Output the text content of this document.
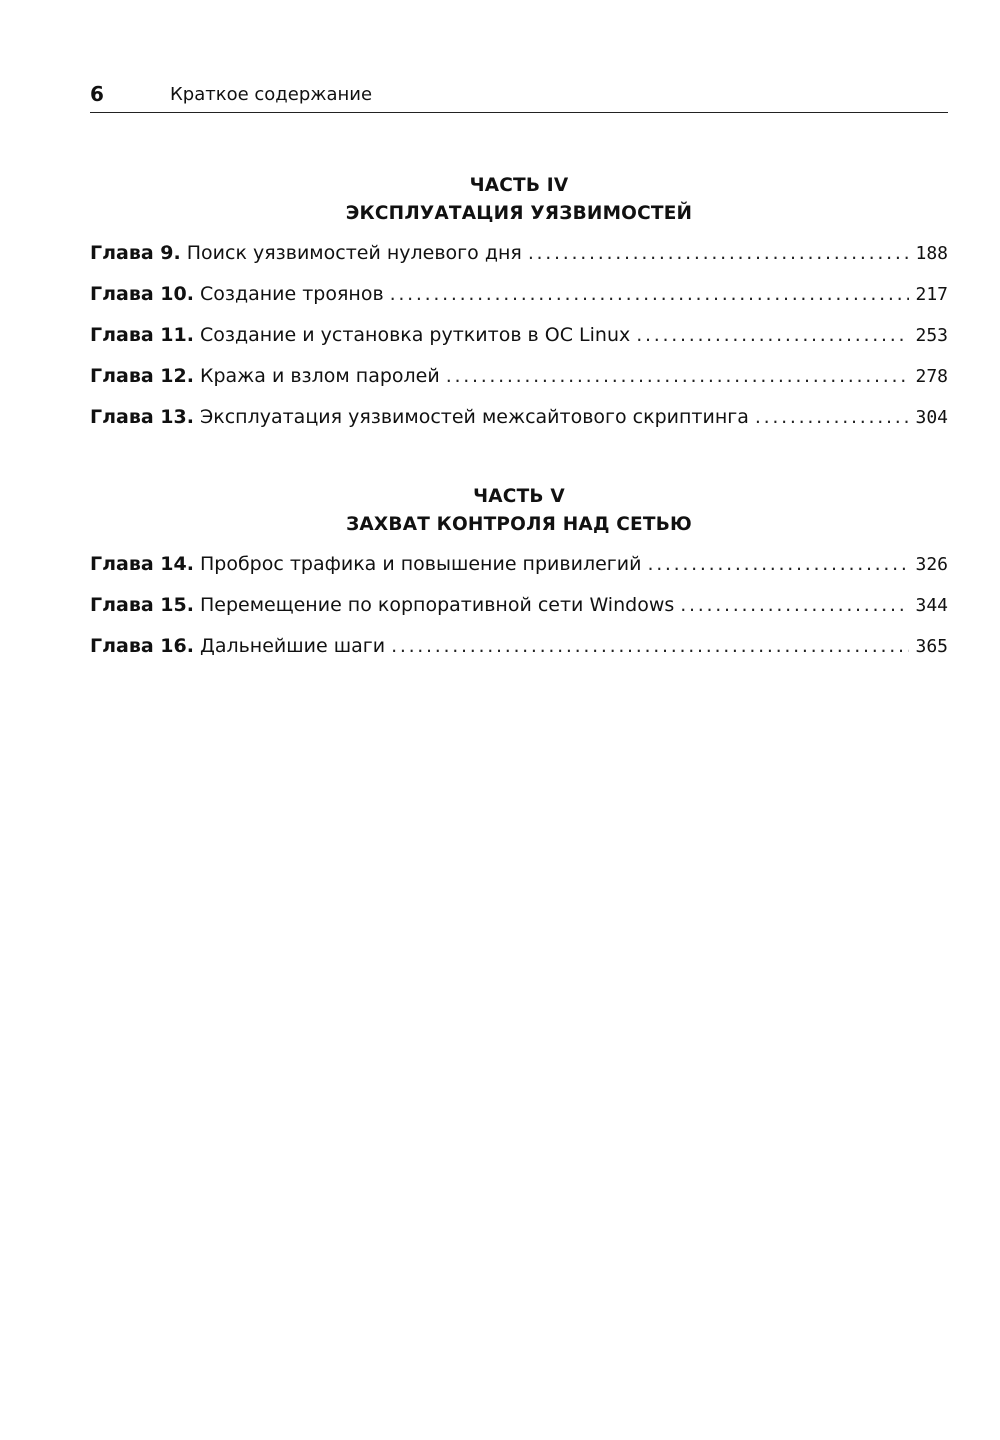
6	Краткое содержание
ЧАСТЬ IV
ЭКСПЛУАТАЦИЯ УЯЗВИМОСТЕЙ
Глава 9. Поиск уязвимостей нулевого дня .....	188
Глава 10. Создание троянов .....	217
Глава 11. Создание и установка руткитов в ОС Linux .....	253
Глава 12. Кража и взлом паролей .....	278
Глава 13. Эксплуатация уязвимостей межсайтового скриптинга .....	304
ЧАСТЬ V
ЗАХВАТ КОНТРОЛЯ НАД СЕТЬЮ
Глава 14. Проброс трафика и повышение привилегий .....	326
Глава 15. Перемещение по корпоративной сети Windows .....	344
Глава 16. Дальнейшие шаги .....	365
